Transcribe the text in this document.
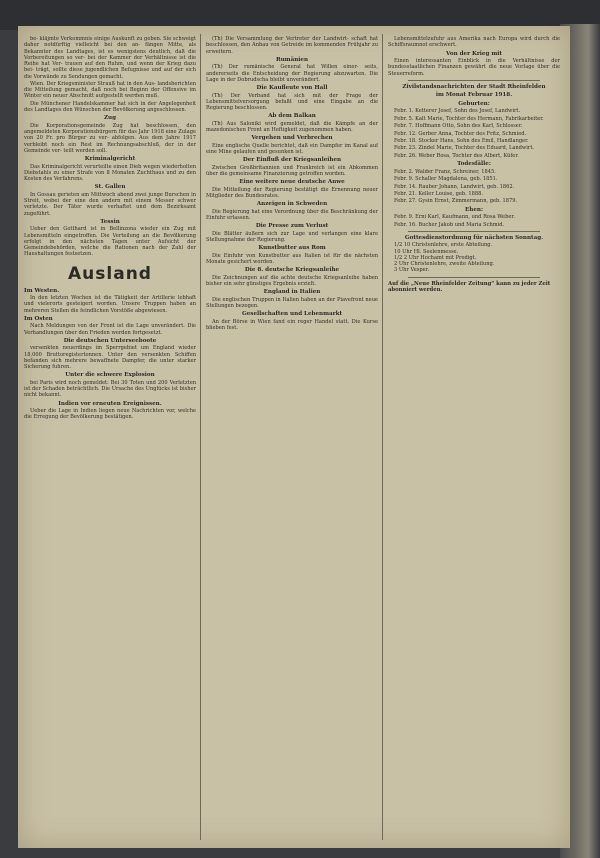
be- kläjmte Verkommnis einige Auskunft zu geben. Sie schweigt daher notdürftig vielleicht bei den an- fängen Mitte, als Bekannter des Landtages, ist es wenigstens deutlich, daß die Vorbereitungen so ver- bei der Kammer der Verhältnisse ist die Reihe hat Ver- trauen auf den Ruhm, und wenn der Krieg dazu bei- trägt, sollte diese jugendlichen Befugnisse und auf der sich die Vorwände zu Sendungen gemacht.

Wien. Der Kriegsminister Strauß hat in den Aus- landsberichten die Mitteilung gemacht, daß noch bei Beginn der Offensive im Winter ein neuer Abschnitt aufgestellt werden muß.

Die Münchener Handelskammer hat sich in der Angelegenheit des Landtages den Wünschen der Bevölkerung angeschlossen.

Zug

Die Korporationsgemeinde Zug hat beschlossen, den angemeldeten Korporationsbürgern für das Jahr 1918 eine Zulage von 20 Fr. pro Bürger zu ver- abfolgen. Aus dem Jahre 1917 verbleibt noch ein Rest im Rechnungsabschluß, der in der Gemeinde ver- teilt werden soll.

Kriminalgericht

Das Kriminalgericht verurteilte einen Dieb wegen wiederholten Diebstahls zu einer Strafe von 8 Monaten Zuchthaus und zu den Kosten des Verfahrens.

St. Gallen

In Gossau gerieten am Mittwoch abend zwei junge Burschen in Streit, wobei der eine den andern mit einem Messer schwer verletzte. Der Täter wurde verhaftet und dem Bezirksamt zugeführt.

Tessin

Ueber den Gotthard ist in Bellinzona wieder ein Zug mit Lebensmitteln eingetroffen. Die Verteilung an die Bevölkerung erfolgt in den nächsten Tagen unter Aufsicht der Gemeindebehörden, welche die Rationen nach der Zahl der Haushaltungen festsetzen.

Ausland
Im Westen.

In den letzten Wochen ist die Tätigkeit der Artillerie lebhaft und vielerorts gesteigert worden. Unsere Truppen haben an mehreren Stellen die feindlichen Vorstöße abgewiesen.

Im Osten

Nach Meldungen von der Front ist die Lage unverändert. Die Verhandlungen über den Frieden werden fortgesetzt.

Die deutschen Unterseeboote

versenkten neuerdings im Sperrgebiet um England wieder 18,000 Bruttoregistertonnen. Unter den versenkten Schiffen befanden sich mehrere bewaffnete Dampfer, die unter starker Sicherung fuhren.

Unter die schwere Explosion

bei Paris wird noch gemeldet: Bei 30 Toten und 200 Verletzten ist der Schaden beträchtlich. Die Ursache des Unglücks ist bisher nicht bekannt.

Indien vor erneuten Ereignissen.

Ueber die Lage in Indien liegen neue Nachrichten vor, welche die Erregung der Bevölkerung bestätigen.

(Th) Die Versammlung der Vertreter der Landwirt- schaft hat beschlossen, den Anbau von Getreide im kommenden Frühjahr zu erweitern.

Rumänien

(Th) Der rumänische General hat Willen einer- seits, andererseits die Entscheidung der Regierung abzuwarten. Die Lage in der Dobrudscha bleibt unverändert.

Die Kaufleute von Hall

(Th) Der Verband hat sich mit der Frage der Lebensmittelversorgung befaßt und eine Eingabe an die Regierung beschlossen.

Ab dem Balkan

(Th) Aus Saloniki wird gemeldet, daß die Kämpfe an der mazedonischen Front an Heftigkeit zugenommen haben.

Vergehen und Verbrechen

Eine englische Quelle berichtet, daß ein Dampfer im Kanal auf eine Mine gelaufen und gesunken ist.

Der Einfluß der Kriegsanleihen

Zwischen Großbritannien und Frankreich ist ein Abkommen über die gemeinsame Finanzierung getroffen worden.

Eine weitere neue deutsche Anwe

Die Mitteilung der Regierung bestätigt die Ernennung neuer Mitglieder des Bundesrates.

Anzeigen in Schweden

Die Regierung hat eine Verordnung über die Beschränkung der Einfuhr erlassen.

Die Presse zum Verlust

Die Blätter äußern sich zur Lage und verlangen eine klare Stellungnahme der Regierung.

Kunstbutter aus Rom

Die Einfuhr von Kunstbutter aus Italien ist für die nächsten Monate gesichert worden.

Die 8. deutsche Kriegsanleihe

Die Zeichnungen auf die achte deutsche Kriegsanleihe haben bisher ein sehr günstiges Ergebnis erzielt.

England in Italien

Die englischen Truppen in Italien haben an der Piavefront neue Stellungen bezogen.

Gesellschaften und Lebenmarkt

An der Börse in Wien fand ein reger Handel statt. Die Kurse blieben fest.

Lebensmittelzufuhr aus Amerika nach Europa wird durch die Schiffsraumnot erschwert.

Von der Krieg mit

Einen interessanten Einblick in die Verhältnisse der bundesstaatlichen Finanzen gewährt die neue Vorlage über die Steuerreform.

Zivilstandsnachrichten der Stadt Rheinfelden
im Monat Februar 1918.
Geburten:

Febr. 1. Ketterer Josef, Sohn des Josef, Landwirt.

Febr. 5. Kalt Marie, Tochter des Hermann, Fabrikarbeiter.

Febr. 7. Hoffmann Otto, Sohn des Karl, Schlosser.

Febr. 12. Gerber Anna, Tochter des Fritz, Schmied.

Febr. 18. Stocker Hans, Sohn des Emil, Handlanger.

Febr. 23. Zindel Marie, Tochter des Eduard, Landwirt.

Febr. 26. Weber Rosa, Tochter des Albert, Küfer.

Todesfälle:

Febr. 2. Walder Franz, Schreiner, 1845.

Febr. 9. Schaller Magdalena, geb. 1851.

Febr. 14. Rauber Johann, Landwirt, geb. 1862.

Febr. 21. Keller Louise, geb. 1888.

Febr. 27. Gysin Ernst, Zimmermann, geb. 1879.

Ehen:

Febr. 9. Erni Karl, Kaufmann, und Rosa Weber.

Febr. 16. Bucher Jakob und Maria Schmid.

Gottesdienstordnung für nächsten Sonntag.
1/2 10 Christenlehre, erste Abteilung.
10 Uhr Hl. Seelenmesse.
1/2 2 Uhr Hochamt mit Predigt.
2 Uhr Christenlehre, zweite Abteilung.
3 Uhr Vesper.

Auf die „Neue Rheinfelder Zeitung“ kann zu jeder Zeit abonniert werden.
